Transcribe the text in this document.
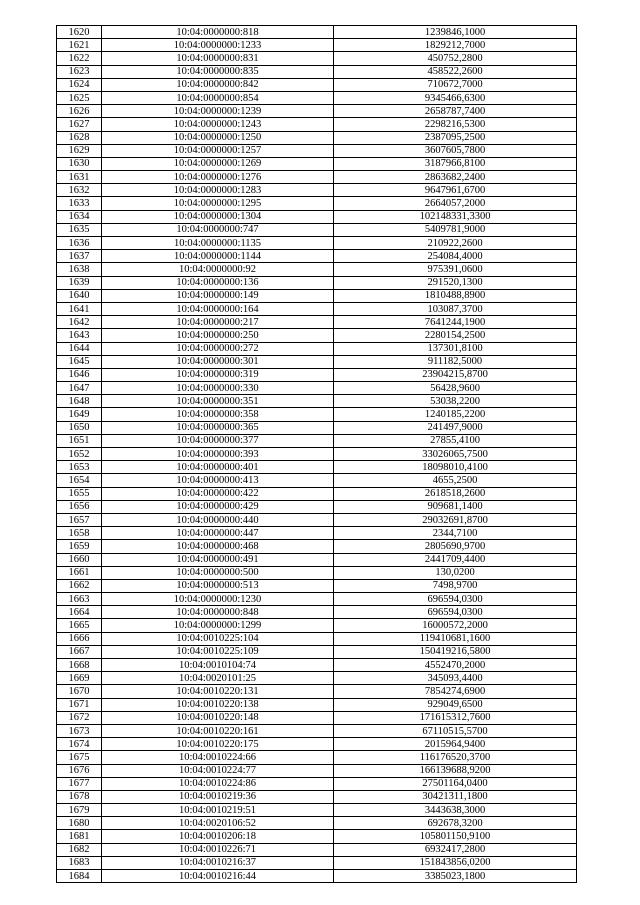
1620	10:04:0000000:818	1239846,1000
1621	10:04:0000000:1233	1829212,7000
1622	10:04:0000000:831	450752,2800
1623	10:04:0000000:835	458522,2600
1624	10:04:0000000:842	710672,7000
1625	10:04:0000000:854	9345466,6300
1626	10:04:0000000:1239	2658787,7400
1627	10:04:0000000:1243	2298216,5300
1628	10:04:0000000:1250	2387095,2500
1629	10:04:0000000:1257	3607605,7800
1630	10:04:0000000:1269	3187966,8100
1631	10:04:0000000:1276	2863682,2400
1632	10:04:0000000:1283	9647961,6700
1633	10:04:0000000:1295	2664057,2000
1634	10:04:0000000:1304	102148331,3300
1635	10:04:0000000:747	5409781,9000
1636	10:04:0000000:1135	210922,2600
1637	10:04:0000000:1144	254084,4000
1638	10:04:0000000:92	975391,0600
1639	10:04:0000000:136	291520,1300
1640	10:04:0000000:149	1810488,8900
1641	10:04:0000000:164	103087,3700
1642	10:04:0000000:217	7641244,1900
1643	10:04:0000000:250	2280154,2500
1644	10:04:0000000:272	137301,8100
1645	10:04:0000000:301	911182,5000
1646	10:04:0000000:319	23904215,8700
1647	10:04:0000000:330	56428,9600
1648	10:04:0000000:351	53038,2200
1649	10:04:0000000:358	1240185,2200
1650	10:04:0000000:365	241497,9000
1651	10:04:0000000:377	27855,4100
1652	10:04:0000000:393	33026065,7500
1653	10:04:0000000:401	18098010,4100
1654	10:04:0000000:413	4655,2500
1655	10:04:0000000:422	2618518,2600
1656	10:04:0000000:429	909681,1400
1657	10:04:0000000:440	29032691,8700
1658	10:04:0000000:447	2344,7100
1659	10:04:0000000:468	2805690,9700
1660	10:04:0000000:491	2441709,4400
1661	10:04:0000000:500	130,0200
1662	10:04:0000000:513	7498,9700
1663	10:04:0000000:1230	696594,0300
1664	10:04:0000000:848	696594,0300
1665	10:04:0000000:1299	16000572,2000
1666	10:04:0010225:104	119410681,1600
1667	10:04:0010225:109	150419216,5800
1668	10:04:0010104:74	4552470,2000
1669	10:04:0020101:25	345093,4400
1670	10:04:0010220:131	7854274,6900
1671	10:04:0010220:138	929049,6500
1672	10:04:0010220:148	171615312,7600
1673	10:04:0010220:161	67110515,5700
1674	10:04:0010220:175	2015964,9400
1675	10:04:0010224:66	116176520,3700
1676	10:04:0010224:77	166139688,9200
1677	10:04:0010224:86	27501164,0400
1678	10:04:0010219:36	30421311,1800
1679	10:04:0010219:51	3443638,3000
1680	10:04:0020106:52	692678,3200
1681	10:04:0010206:18	105801150,9100
1682	10:04:0010226:71	6932417,2800
1683	10:04:0010216:37	151843856,0200
1684	10:04:0010216:44	3385023,1800
